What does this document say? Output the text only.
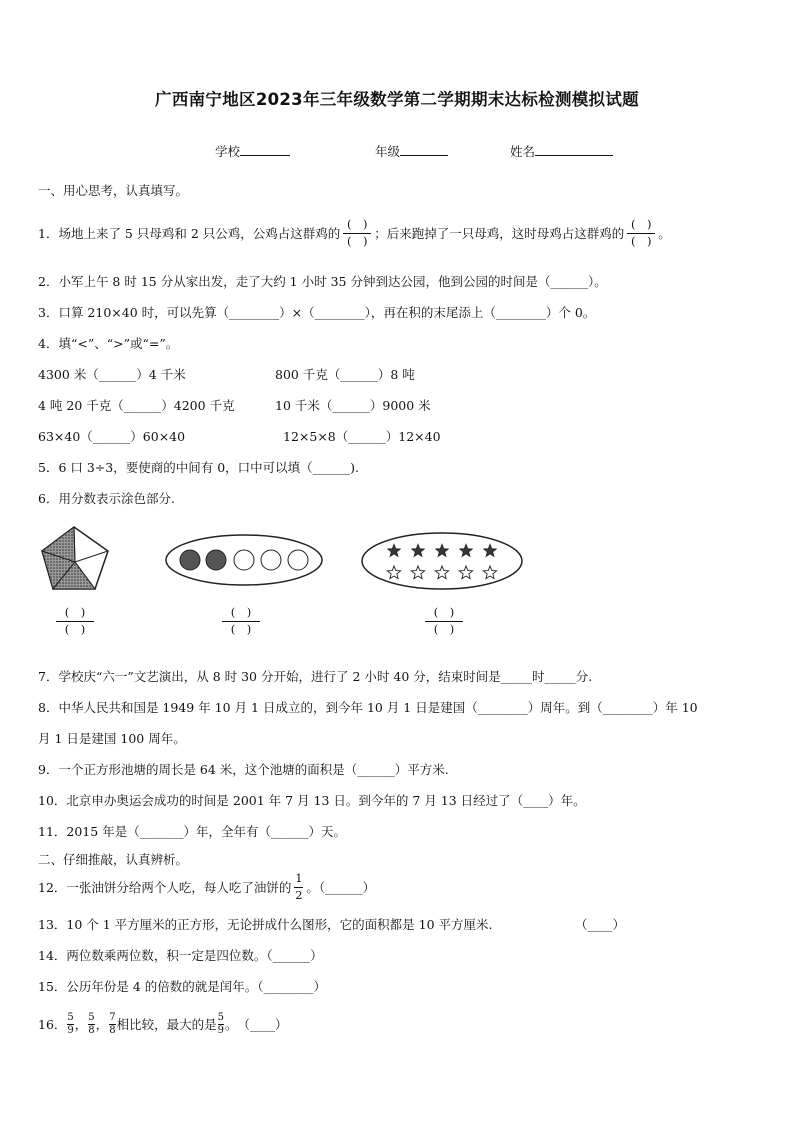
广西南宁地区2023年三年级数学第二学期期末达标检测模拟试题
学校	年级	姓名
一、用心思考，认真填写。
1．场地上来了 5 只母鸡和 2 只公鸡，公鸡占这群鸡的 $\frac{( )}{( )}$ ；后来跑掉了一只母鸡，这时母鸡占这群鸡的 $\frac{( )}{( )}$ 。
2．小军上午 8 时 15 分从家出发，走了大约 1 小时 35 分钟到达公园，他到公园的时间是（______）。
3．口算 210×40 时，可以先算（________）×（________），再在积的末尾添上（________）个 0。
4．填“<”、“>”或“=”。
4300 米（______）4 千米	800 千克（______）8 吨
4 吨 20 千克（______）4200 千克	10 千米（______）9000 米
63×40（______）60×40	12×5×8（______）12×40
5．6 口 3÷3，要使商的中间有 0，口中可以填（______).
6．用分数表示涂色部分.
$\frac{( )}{( )}$	$\frac{( )}{( )}$	$\frac{( )}{( )}$
7．学校庆“六一”文艺演出，从 8 时 30 分开始，进行了 2 小时 40 分，结束时间是_____时_____分.
8．中华人民共和国是 1949 年 10 月 1 日成立的，到今年 10 月 1 日是建国（________）周年。到（________）年 10
月 1 日是建国 100 周年。
9．一个正方形池塘的周长是 64 米，这个池塘的面积是（______）平方米.
10．北京申办奥运会成功的时间是 2001 年 7 月 13 日。到今年的 7 月 13 日经过了（____）年。
11．2015 年是（_______）年，全年有（______）天。
二、仔细推敲，认真辨析。
12．一张油饼分给两个人吃，每人吃了油饼的 $\frac{1}{2}$ 。（______）
13．10 个 1 平方厘米的正方形，无论拼成什么图形，它的面积都是 10 平方厘米.	（____）
14．两位数乘两位数，积一定是四位数。（______）
15．公历年份是 4 的倍数的就是闰年。（________）
16． 5
9 ， 5
8 ， 7
8 相比较，最大的是 5
9 。　（____）
